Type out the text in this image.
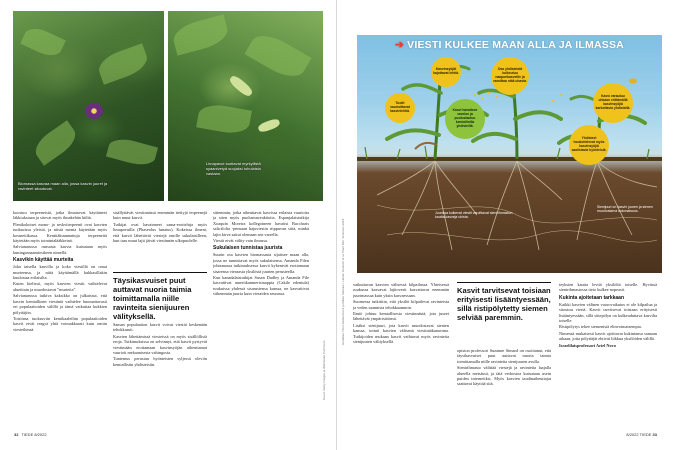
Biomassa kasvaa maan alla, jossa kasvin juuret ja ravinteet sitoutuvat.
Limapavut tuottavat myrkyllistä syaanivetyä suojaksi tuholaisia vastaan.

koostuu terpeeneistä, jotka ilmaisevat käyttäneet läkkiuksiaan ja sitovat myös ilmakehän hiiltä.

Plenikokoiset mono- ja seskviterpeenit ovat kasvien tuoksuissa yleisiä, ja niistä monia käytetään myös kosmetiikassa. Kenttiäkuunnattuja terpeeneitä käytetään myös toimintalääkkeinä.

Salvianarussa runsasta kasvia kutsutaan myös kuningasnaamiosikeen nimellä.

Kasvikin käyttää murteita

Joka taisella kasvilla ja koko viestillä on omat murteensa, ja niitä käyttämällä kukkasillakin kuulostaa erilaisilta.

Kuten kielissä, myös kasvien viestit vaihtelevat alueittain ja muodostavat ”murteita”.

Salvianarussa tutkiva kaksikko on julkaissut, että kasvin kemiallinen viestintä vaihtelee huomattavasti eri populaatioiden välillä ja tämä vaikuttaa kukkien pölyttäjiin.

Toisiinsa tuoksuviin kemikaaleihin populaatioiden kasvit eivät reagoi yhtä voimakkaasti kuin omiin viesteihinsä.

sisällyttävät viestinnässä enemmän tiettyjä terpeenejä kuin muut kasvit.

Tutkijat ovat havainneet sama-erotteluja myös limapavuilla (Phaseolus lunatus). Kokeissa ilmeni, että kasvit lähettävät viestejä omille sukulaisilleen, kun taas muut lajit jäivät viestinnän ulkopuolelle.

Täysikasvuiset puut auttavat nuoria taimia toimittamalla niille ravinteita sienijuuren välityksellä.

Saman populaation kasvit voivat viestiä keskenään tehokkaasti.

Kasvien lähettämissä viesteissä on myös sisällöllisiä eroja. Tutkimuksissa on selvinnyt, että kasvit pystyvät viestimään erottamaan kasvinsyöjän aiheuttamat vaurioit mekaanisesta vahingosta.

Tuntemus perustuu hyönteisten syljessä oleviin kemiallisiin yhdisteisiin.

sittemmin, jotka aiheuttavat kasvissa erilaisia vaurioita ja siten myös puolustusreaktioita. Espanjalaistutkija Xoaquín Moreira kollegoineen havaitsi Baccharis salicifolia -pensaan hajuviestin riippuvan siitä, minkä lajin kirva sattui olemaan sen varrella.

Viestit eivät välity vain ilmassa.

Sukulaisen tunnistaa juurista

Suurin osa kasvien biomassasta sijaitsee maan alla, jossa ne tunnistavat myös sukulaisensa. Amanda Filen johtamassa tutkimuksessa kasvit kykenivät erottamaan sisarensa vieraasta yksilöstä juurten perusteella.

Kun kanadalaistutkijat Susan Dudley ja Amanda File kasvattivat ameriikanmerisinappia (Cakile edentula) ruukuissa yhdessä sisarustensa kanssa, ne kasvattivat vähemmän juuria kuin vieraiden seurassa.

Kuvat: Getty Images ja Wikimedia Commons
32 TIEDE 8/2022
➔ VIESTI KULKEE MAAN ALLA JA ILMASSA
Kasvinsyöjät hajottavat lehtiä.
Osa yhdisteistä kulkeutuu naapurikasveille ja varoittaa niitä uhasta.
Tuotit vaurioittavat kasvinlehtiä.	Kasvi havaitsee vaurion ja puolustautuu kemiallisilla yhdisteillä.
Kasvi varautuu uhkaan erittämällä kasvinsyöjiä karkottavia yhdisteitä.
Yhdisteet houkuttelevat myös kasvinsyöjiä saalistavia hyönteisiä.
Juurissa kulkevat viestit varoittavat sienirihmaston kautta kasveja uhista.
Sienijuuri on kasvin juuren ja sienen muodostama kokonaisuus.
Grafiikka: Piet Hubbenbrock ja Mikko Sibelius / Lähde: Deutsch et al. Plant Biol. Sciences 2018 vaikuttavan kasvien välisessä kilpailussa. Yhteisessä ruukussa kasvavat lajitoverit kasvattavat enemmän juurimassaa kuin yksin kasvaessaan.

Suomessa tutkittiin, että yksilöt kilpailevat ravinteista ja veden saannista tehokkaammin.

Ilmiö johtuu kemiallisesta viestinnästä, jota juuret lähettävät ympäristöönsä.

Lisäksi sienijuuri, jota kasvit muodostavat sienien kanssa, toimii kasvien välisenä viestintäkanavana. Tutkijoiden mukaan kasvit vaihtavat myös ravinteita sienijuuren välityksellä.

Kasvit tarvitsevat toisiaan erityisesti lisääntyessään, sillä ristipölytetty siemen selviää paremmin.

opiston professori Suzanne Simard on osoittanut, että täysikasvuiset puut auttavat nuoria taimia toimittamalla niille ravinteita sienijuuren avulla.

Sienirihmasto välittää viestejä ja ravinteita laajalla alueella metsässä, ja tätä verkostoa kutsutaan usein puiden internetiksi. Myös kasvien taudinaiheuttajat saattavat käyttää sitä.

teyksien kautta levitä yksilöltä toiselle. Hyvässä sienirihmastossa tieto kulkee nopeasti.

Kukinta ajoitetaan tarkkaan

Kaikki kasvien välinen vuorovaikutus ei ole kilpailua ja sitoutuu vieriä. Kasvit tarvitsevat toisiaan erityisesti lisääntyessään, sillä siitepölyn on kulkeuduttava kasvilta toiselle.

Ristipölytys tekee siemenistä elinvoimaisempia.

Nimensä mukaisesti kasvit ajoittavat kukintansa samaan aikaan, jotta pölyttäjät ehtivät liikkua yksilöiden välillä.

Israelilaisprofessori Ariel Novo

8/2022 TIEDE 33
